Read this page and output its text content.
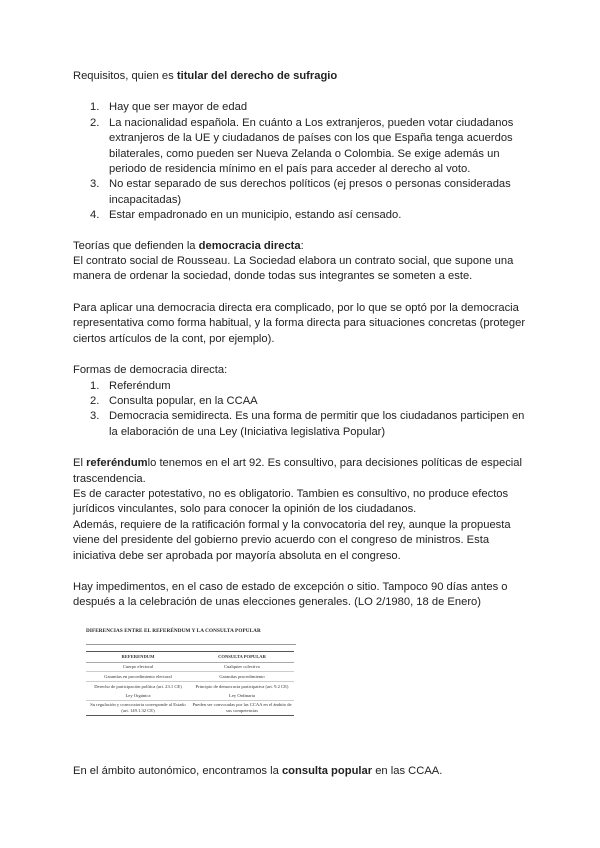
Requisitos, quien es titular del derecho de sufragio

1. Hay que ser mayor de edad
2. La nacionalidad española. En cuánto a Los extranjeros, pueden votar ciudadanos
extranjeros de la UE y ciudadanos de países con los que España tenga acuerdos
bilaterales, como pueden ser Nueva Zelanda o Colombia. Se exige además un
periodo de residencia mínimo en el país para acceder al derecho al voto.
3. No estar separado de sus derechos políticos (ej presos o personas consideradas
incapacitadas)
4. Estar empadronado en un municipio, estando así censado.

Teorías que defienden la democracia directa:

El contrato social de Rousseau. La Sociedad elabora un contrato social, que supone una
manera de ordenar la sociedad, donde todas sus integrantes se someten a este.

Para aplicar una democracia directa era complicado, por lo que se optó por la democracia
representativa como forma habitual, y la forma directa para situaciones concretas (proteger
ciertos artículos de la cont, por ejemplo).

Formas de democracia directa:

1. Referéndum
2. Consulta popular, en la CCAA
3. Democracia semidirecta. Es una forma de permitir que los ciudadanos participen en
la elaboración de una Ley (Iniciativa legislativa Popular)

El referéndumlo tenemos en el art 92. Es consultivo, para decisiones políticas de especial
trascendencia.
Es de caracter potestativo, no es obligatorio. Tambien es consultivo, no produce efectos
jurídicos vinculantes, solo para conocer la opinión de los ciudadanos.
Además, requiere de la ratificación formal y la convocatoria del rey, aunque la propuesta
viene del presidente del gobierno previo acuerdo con el congreso de ministros. Esta
iniciativa debe ser aprobada por mayoría absoluta en el congreso.

Hay impedimentos, en el caso de estado de excepción o sitio. Tampoco 90 días antes o
después a la celebración de unas elecciones generales. (LO 2/1980, 18 de Enero)

DIFERENCIAS ENTRE EL REFERÉNDUM Y LA CONSULTA POPULAR
REFERENDUM	CONSULTA POPULAR
Cuerpo electoral	Cualquier colectivo
Garantías en procedimiento electoral	Garantías procedimiento
Derecho de participación política (art. 23.1 CE)	Principio de democracia participativa (art. 9.2 CE)
Ley Orgánica	Ley Ordinaria
Su regulación y convocatoria corresponde al Estado (art. 149.1.32 CE)	Pueden ser convocadas por las CCAA en el ámbito de sus competencias

En el ámbito autonómico, encontramos la consulta popular en las CCAA.
